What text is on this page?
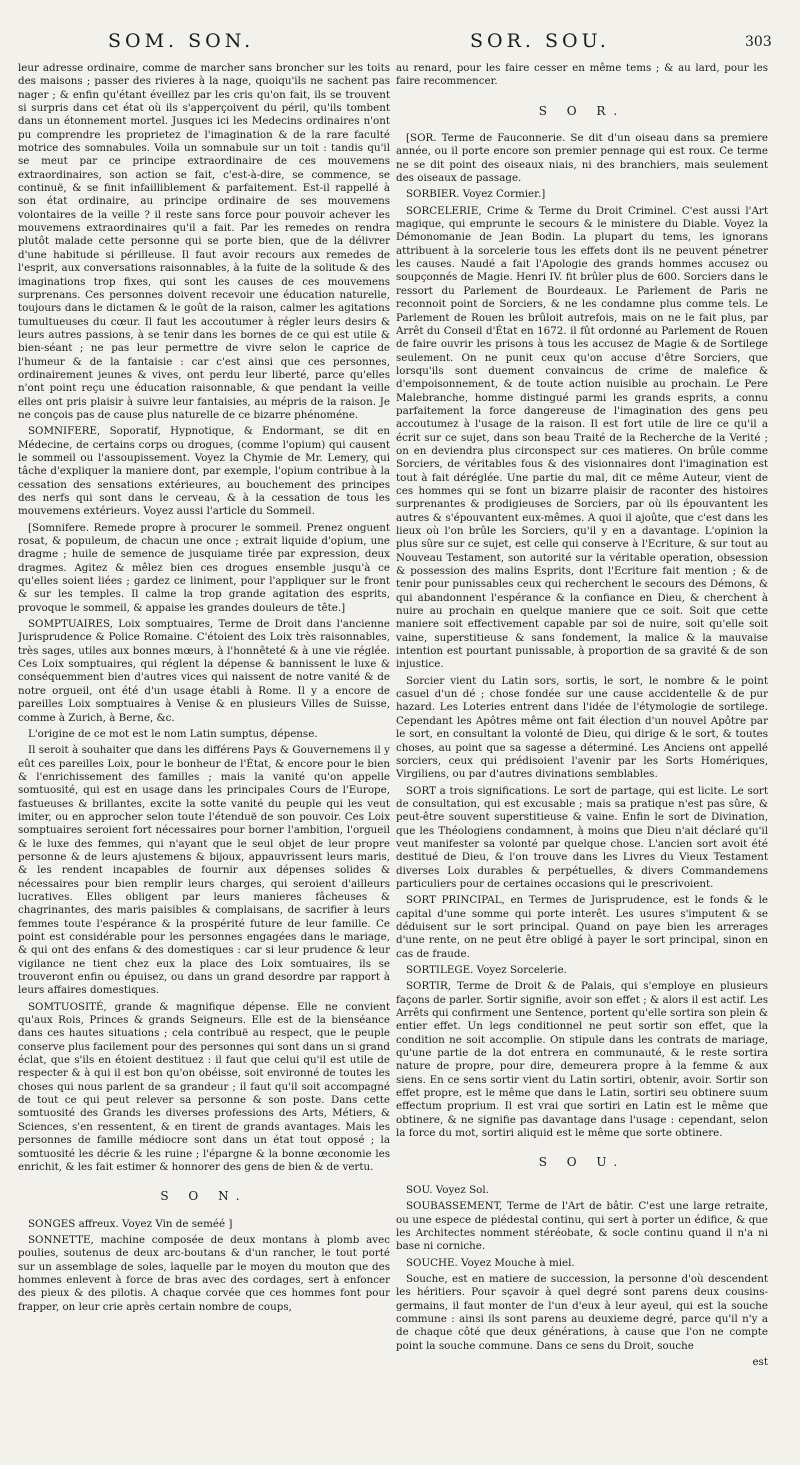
SOM. SON.	SOR. SOU.	303

leur adresse ordinaire, comme de marcher sans broncher sur les toits des maisons ; passer des rivieres à la nage, quoiqu'ils ne sachent pas nager ; & enfin qu'étant éveillez par les cris qu'on fait, ils se trouvent si surpris dans cet état où ils s'apperçoivent du péril, qu'ils tombent dans un étonnement mortel. Jusques ici les Medecins ordinaires n'ont pu comprendre les proprietez de l'imagination & de la rare faculté motrice des somnabules. Voila un somnabule sur un toit : tandis qu'il se meut par ce principe extraordinaire de ces mouvemens extraordinaires, son action se fait, c'est-à-dire, se commence, se continuë, & se finit infailliblement & parfaitement. Est-il rappellé à son état ordinaire, au principe ordinaire de ses mouvemens volontaires de la veille ? il reste sans force pour pouvoir achever les mouvemens extraordinaires qu'il a fait. Par les remedes on rendra plutôt malade cette personne qui se porte bien, que de la délivrer d'une habitude si périlleuse. Il faut avoir recours aux remedes de l'esprit, aux conversations raisonnables, à la fuite de la solitude & des imaginations trop fixes, qui sont les causes de ces mouvemens surprenans. Ces personnes doivent recevoir une éducation naturelle, toujours dans le dictamen & le goût de la raison, calmer les agitations tumultueuses du cœur. Il faut les accoutumer à régler leurs desirs & leurs autres passions, à se tenir dans les bornes de ce qui est utile & bien-séant ; ne pas leur permettre de vivre selon le caprice de l'humeur & de la fantaisie : car c'est ainsi que ces personnes, ordinairement jeunes & vives, ont perdu leur liberté, parce qu'elles n'ont point reçu une éducation raisonnable, & que pendant la veille elles ont pris plaisir à suivre leur fantaisies, au mépris de la raison. Je ne conçois pas de cause plus naturelle de ce bizarre phénoméne.

SOMNIFERE, Soporatif, Hypnotique, & Endormant, se dit en Médecine, de certains corps ou drogues, (comme l'opium) qui causent le sommeil ou l'assoupissement. Voyez la Chymie de Mr. Lemery, qui tâche d'expliquer la maniere dont, par exemple, l'opium contribue à la cessation des sensations extérieures, au bouchement des principes des nerfs qui sont dans le cerveau, & à la cessation de tous les mouvemens extérieurs. Voyez aussi l'article du Sommeil.

[Somnifere. Remede propre à procurer le sommeil. Prenez onguent rosat, & populeum, de chacun une once ; extrait liquide d'opium, une dragme ; huile de semence de jusquiame tirée par expression, deux dragmes. Agitez & mêlez bien ces drogues ensemble jusqu'à ce qu'elles soient liées ; gardez ce liniment, pour l'appliquer sur le front & sur les temples. Il calme la trop grande agitation des esprits, provoque le sommeil, & appaise les grandes douleurs de tête.]

SOMPTUAIRES, Loix somptuaires, Terme de Droit dans l'ancienne Jurisprudence & Police Romaine. C'étoient des Loix très raisonnables, très sages, utiles aux bonnes mœurs, à l'honnêteté & à une vie réglée. Ces Loix somptuaires, qui réglent la dépense & bannissent le luxe & conséquemment bien d'autres vices qui naissent de notre vanité & de notre orgueil, ont été d'un usage établi à Rome. Il y a encore de pareilles Loix somptuaires à Venise & en plusieurs Villes de Suisse, comme à Zurich, à Berne, &c.

L'origine de ce mot est le nom Latin sumptus, dépense.

Il seroit à souhaiter que dans les différens Pays & Gouvernemens il y eût ces pareilles Loix, pour le bonheur de l'État, & encore pour le bien & l'enrichissement des familles ; mais la vanité qu'on appelle somtuosité, qui est en usage dans les principales Cours de l'Europe, fastueuses & brillantes, excite la sotte vanité du peuple qui les veut imiter, ou en approcher selon toute l'étenduë de son pouvoir. Ces Loix somptuaires seroient fort nécessaires pour borner l'ambition, l'orgueil & le luxe des femmes, qui n'ayant que le seul objet de leur propre personne & de leurs ajustemens & bijoux, appauvrissent leurs maris, & les rendent incapables de fournir aux dépenses solides & nécessaires pour bien remplir leurs charges, qui seroient d'ailleurs lucratives. Elles obligent par leurs manieres fâcheuses & chagrinantes, des maris paisibles & complaisans, de sacrifier à leurs femmes toute l'espérance & la prospérité future de leur famille. Ce point est considérable pour les personnes engagées dans le mariage, & qui ont des enfans & des domestiques : car si leur prudence & leur vigilance ne tient chez eux la place des Loix somtuaires, ils se trouveront enfin ou épuisez, ou dans un grand desordre par rapport à leurs affaires domestiques.

SOMTUOSITÉ, grande & magnifique dépense. Elle ne convient qu'aux Rois, Princes & grands Seigneurs. Elle est de la bienséance dans ces hautes situations ; cela contribuë au respect, que le peuple conserve plus facilement pour des personnes qui sont dans un si grand éclat, que s'ils en étoient destituez : il faut que celui qu'il est utile de respecter & à qui il est bon qu'on obéisse, soit environné de toutes les choses qui nous parlent de sa grandeur ; il faut qu'il soit accompagné de tout ce qui peut relever sa personne & son poste. Dans cette somtuosité des Grands les diverses professions des Arts, Métiers, & Sciences, s'en ressentent, & en tirent de grands avantages. Mais les personnes de famille médiocre sont dans un état tout opposé ; la somtuosité les décrie & les ruine ; l'épargne & la bonne œconomie les enrichit, & les fait estimer & honnorer des gens de bien & de vertu.

S O N.

SONGES affreux. Voyez Vin de seméé ]

SONNETTE, machine composée de deux montans à plomb avec poulies, soutenus de deux arc-boutans & d'un rancher, le tout porté sur un assemblage de soles, laquelle par le moyen du mouton que des hommes enlevent à force de bras avec des cordages, sert à enfoncer des pieux & des pilotis. A chaque corvée que ces hommes font pour frapper, on leur crie après certain nombre de coups,

au renard, pour les faire cesser en même tems ; & au lard, pour les faire recommencer.

S O R.

[SOR. Terme de Fauconnerie. Se dit d'un oiseau dans sa premiere année, ou il porte encore son premier pennage qui est roux. Ce terme ne se dit point des oiseaux niais, ni des branchiers, mais seulement des oiseaux de passage.

SORBIER. Voyez Cormier.]

SORCELERIE, Crime & Terme du Droit Criminel. C'est aussi l'Art magique, qui emprunte le secours & le ministere du Diable. Voyez la Démonomanie de Jean Bodin. La plupart du tems, les ignorans attribuent à la sorcelerie tous les effets dont ils ne peuvent pénetrer les causes. Naudé a fait l'Apologie des grands hommes accusez ou soupçonnés de Magie. Henri IV. fit brûler plus de 600. Sorciers dans le ressort du Parlement de Bourdeaux. Le Parlement de Paris ne reconnoit point de Sorciers, & ne les condamne plus comme tels. Le Parlement de Rouen les brûloit autrefois, mais on ne le fait plus, par Arrêt du Conseil d'État en 1672. il fût ordonné au Parlement de Rouen de faire ouvrir les prisons à tous les accusez de Magie & de Sortilege seulement. On ne punit ceux qu'on accuse d'être Sorciers, que lorsqu'ils sont duement convaincus de crime de malefice & d'empoisonnement, & de toute action nuisible au prochain. Le Pere Malebranche, homme distingué parmi les grands esprits, a connu parfaitement la force dangereuse de l'imagination des gens peu accoutumez à l'usage de la raison. Il est fort utile de lire ce qu'il a écrit sur ce sujet, dans son beau Traité de la Recherche de la Verité ; on en deviendra plus circonspect sur ces matieres. On brûle comme Sorciers, de véritables fous & des visionnaires dont l'imagination est tout à fait déréglée. Une partie du mal, dit ce même Auteur, vient de ces hommes qui se font un bizarre plaisir de raconter des histoires surprenantes & prodigieuses de Sorciers, par où ils épouvantent les autres & s'épouvantent eux-mêmes. A quoi il ajoûte, que c'est dans les lieux où l'on brûle les Sorciers, qu'il y en a davantage. L'opinion la plus sûre sur ce sujet, est celle qui conserve à l'Ecriture, & sur tout au Nouveau Testament, son autorité sur la véritable operation, obsession & possession des malins Esprits, dont l'Ecriture fait mention ; & de tenir pour punissables ceux qui recherchent le secours des Démons, & qui abandonnent l'espérance & la confiance en Dieu, & cherchent à nuire au prochain en quelque maniere que ce soit. Soit que cette maniere soit effectivement capable par soi de nuire, soit qu'elle soit vaine, superstitieuse & sans fondement, la malice & la mauvaise intention est pourtant punissable, à proportion de sa gravité & de son injustice.

Sorcier vient du Latin sors, sortis, le sort, le nombre & le point casuel d'un dé ; chose fondée sur une cause accidentelle & de pur hazard. Les Loteries entrent dans l'idée de l'étymologie de sortilege. Cependant les Apôtres même ont fait élection d'un nouvel Apôtre par le sort, en consultant la volonté de Dieu, qui dirige & le sort, & toutes choses, au point que sa sagesse a déterminé. Les Anciens ont appellé sorciers, ceux qui prédisoient l'avenir par les Sorts Homériques, Virgiliens, ou par d'autres divinations semblables.

SORT a trois significations. Le sort de partage, qui est licite. Le sort de consultation, qui est excusable ; mais sa pratique n'est pas sûre, & peut-être souvent superstitieuse & vaine. Enfin le sort de Divination, que les Théologiens condamnent, à moins que Dieu n'ait déclaré qu'il veut manifester sa volonté par quelque chose. L'ancien sort avoit été destitué de Dieu, & l'on trouve dans les Livres du Vieux Testament diverses Loix durables & perpétuelles, & divers Commandemens particuliers pour de certaines occasions qui le prescrivoient.

SORT PRINCIPAL, en Termes de Jurisprudence, est le fonds & le capital d'une somme qui porte interêt. Les usures s'imputent & se déduisent sur le sort principal. Quand on paye bien les arrerages d'une rente, on ne peut être obligé à payer le sort principal, sinon en cas de fraude.

SORTILEGE. Voyez Sorcelerie.

SORTIR, Terme de Droit & de Palais, qui s'employe en plusieurs façons de parler. Sortir signifie, avoir son effet ; & alors il est actif. Les Arrêts qui confirment une Sentence, portent qu'elle sortira son plein & entier effet. Un legs conditionnel ne peut sortir son effet, que la condition ne soit accomplie. On stipule dans les contrats de mariage, qu'une partie de la dot entrera en communauté, & le reste sortira nature de propre, pour dire, demeurera propre à la femme & aux siens. En ce sens sortir vient du Latin sortiri, obtenir, avoir. Sortir son effet propre, est le même que dans le Latin, sortiri seu obtinere suum effectum proprium. Il est vrai que sortiri en Latin est le même que obtinere, & ne signifie pas davantage dans l'usage : cependant, selon la force du mot, sortiri aliquid est le même que sorte obtinere.

S O U.

SOU. Voyez Sol.

SOUBASSEMENT, Terme de l'Art de bâtir. C'est une large retraite, ou une espece de piédestal continu, qui sert à porter un édifice, & que les Architectes nomment stéréobate, & socle continu quand il n'a ni base ni corniche.

SOUCHE. Voyez Mouche à miel.

Souche, est en matiere de succession, la personne d'où descendent les héritiers. Pour sçavoir à quel degré sont parens deux cousins-germains, il faut monter de l'un d'eux à leur ayeul, qui est la souche commune : ainsi ils sont parens au deuxieme degré, parce qu'il n'y a de chaque côté que deux générations, à cause que l'on ne compte point la souche commune. Dans ce sens du Droit, souche

est
